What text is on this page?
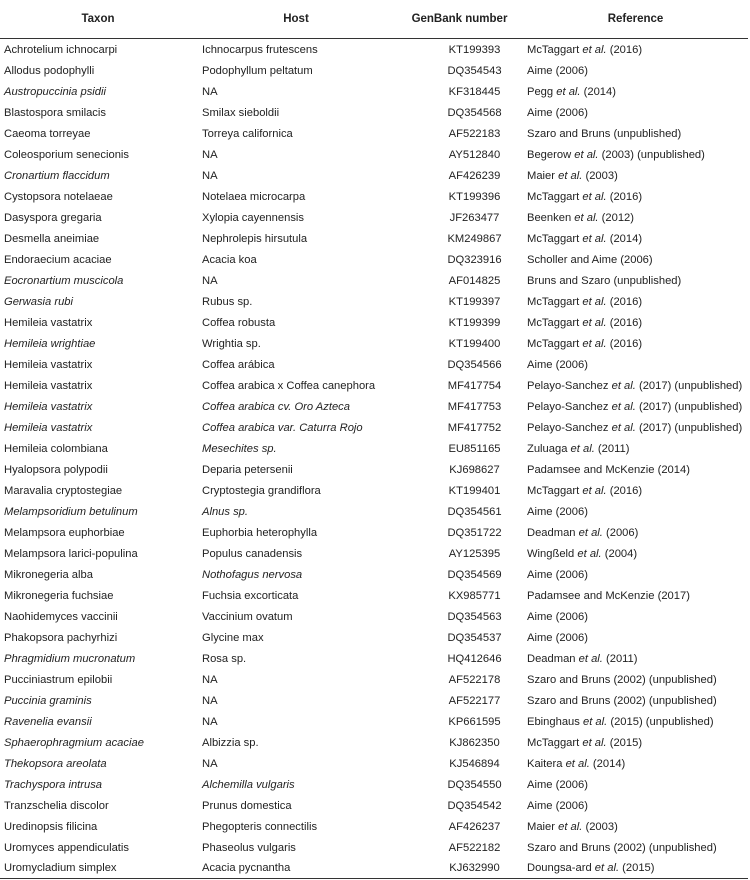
Taxon	Host	GenBank number	Reference
Achrotelium ichnocarpi	Ichnocarpus frutescens	KT199393	McTaggart et al. (2016)
Allodus podophylli	Podophyllum peltatum	DQ354543	Aime (2006)
Austropuccinia psidii	NA	KF318445	Pegg et al. (2014)
Blastospora smilacis	Smilax sieboldii	DQ354568	Aime (2006)
Caeoma torreyae	Torreya californica	AF522183	Szaro and Bruns (unpublished)
Coleosporium senecionis	NA	AY512840	Begerow et al. (2003) (unpublished)
Cronartium flaccidum	NA	AF426239	Maier et al. (2003)
Cystopsora notelaeae	Notelaea microcarpa	KT199396	McTaggart et al. (2016)
Dasyspora gregaria	Xylopia cayennensis	JF263477	Beenken et al. (2012)
Desmella aneimiae	Nephrolepis hirsutula	KM249867	McTaggart et al. (2014)
Endoraecium acaciae	Acacia koa	DQ323916	Scholler and Aime (2006)
Eocronartium muscicola	NA	AF014825	Bruns and Szaro (unpublished)
Gerwasia rubi	Rubus sp.	KT199397	McTaggart et al. (2016)
Hemileia vastatrix	Coffea robusta	KT199399	McTaggart et al. (2016)
Hemileia wrightiae	Wrightia sp.	KT199400	McTaggart et al. (2016)
Hemileia vastatrix	Coffea arábica	DQ354566	Aime (2006)
Hemileia vastatrix	Coffea arabica x Coffea canephora	MF417754	Pelayo-Sanchez et al. (2017) (unpublished)
Hemileia vastatrix	Coffea arabica cv. Oro Azteca	MF417753	Pelayo-Sanchez et al. (2017) (unpublished)
Hemileia vastatrix	Coffea arabica var. Caturra Rojo	MF417752	Pelayo-Sanchez et al. (2017) (unpublished)
Hemileia colombiana	Mesechites sp.	EU851165	Zuluaga et al. (2011)
Hyalopsora polypodii	Deparia petersenii	KJ698627	Padamsee and McKenzie (2014)
Maravalia cryptostegiae	Cryptostegia grandiflora	KT199401	McTaggart et al. (2016)
Melampsoridium betulinum	Alnus sp.	DQ354561	Aime (2006)
Melampsora euphorbiae	Euphorbia heterophylla	DQ351722	Deadman et al. (2006)
Melampsora larici-populina	Populus canadensis	AY125395	Wingßeld et al. (2004)
Mikronegeria alba	Nothofagus nervosa	DQ354569	Aime (2006)
Mikronegeria fuchsiae	Fuchsia excorticata	KX985771	Padamsee and McKenzie (2017)
Naohidemyces vaccinii	Vaccinium ovatum	DQ354563	Aime (2006)
Phakopsora pachyrhizi	Glycine max	DQ354537	Aime (2006)
Phragmidium mucronatum	Rosa sp.	HQ412646	Deadman et al. (2011)
Pucciniastrum epilobii	NA	AF522178	Szaro and Bruns (2002) (unpublished)
Puccinia graminis	NA	AF522177	Szaro and Bruns (2002) (unpublished)
Ravenelia evansii	NA	KP661595	Ebinghaus et al. (2015) (unpublished)
Sphaerophragmium acaciae	Albizzia sp.	KJ862350	McTaggart et al. (2015)
Thekopsora areolata	NA	KJ546894	Kaitera et al. (2014)
Trachyspora intrusa	Alchemilla vulgaris	DQ354550	Aime (2006)
Tranzschelia discolor	Prunus domestica	DQ354542	Aime (2006)
Uredinopsis filicina	Phegopteris connectilis	AF426237	Maier et al. (2003)
Uromyces appendiculatis	Phaseolus vulgaris	AF522182	Szaro and Bruns (2002) (unpublished)
Uromycladium simplex	Acacia pycnantha	KJ632990	Doungsa-ard et al. (2015)
